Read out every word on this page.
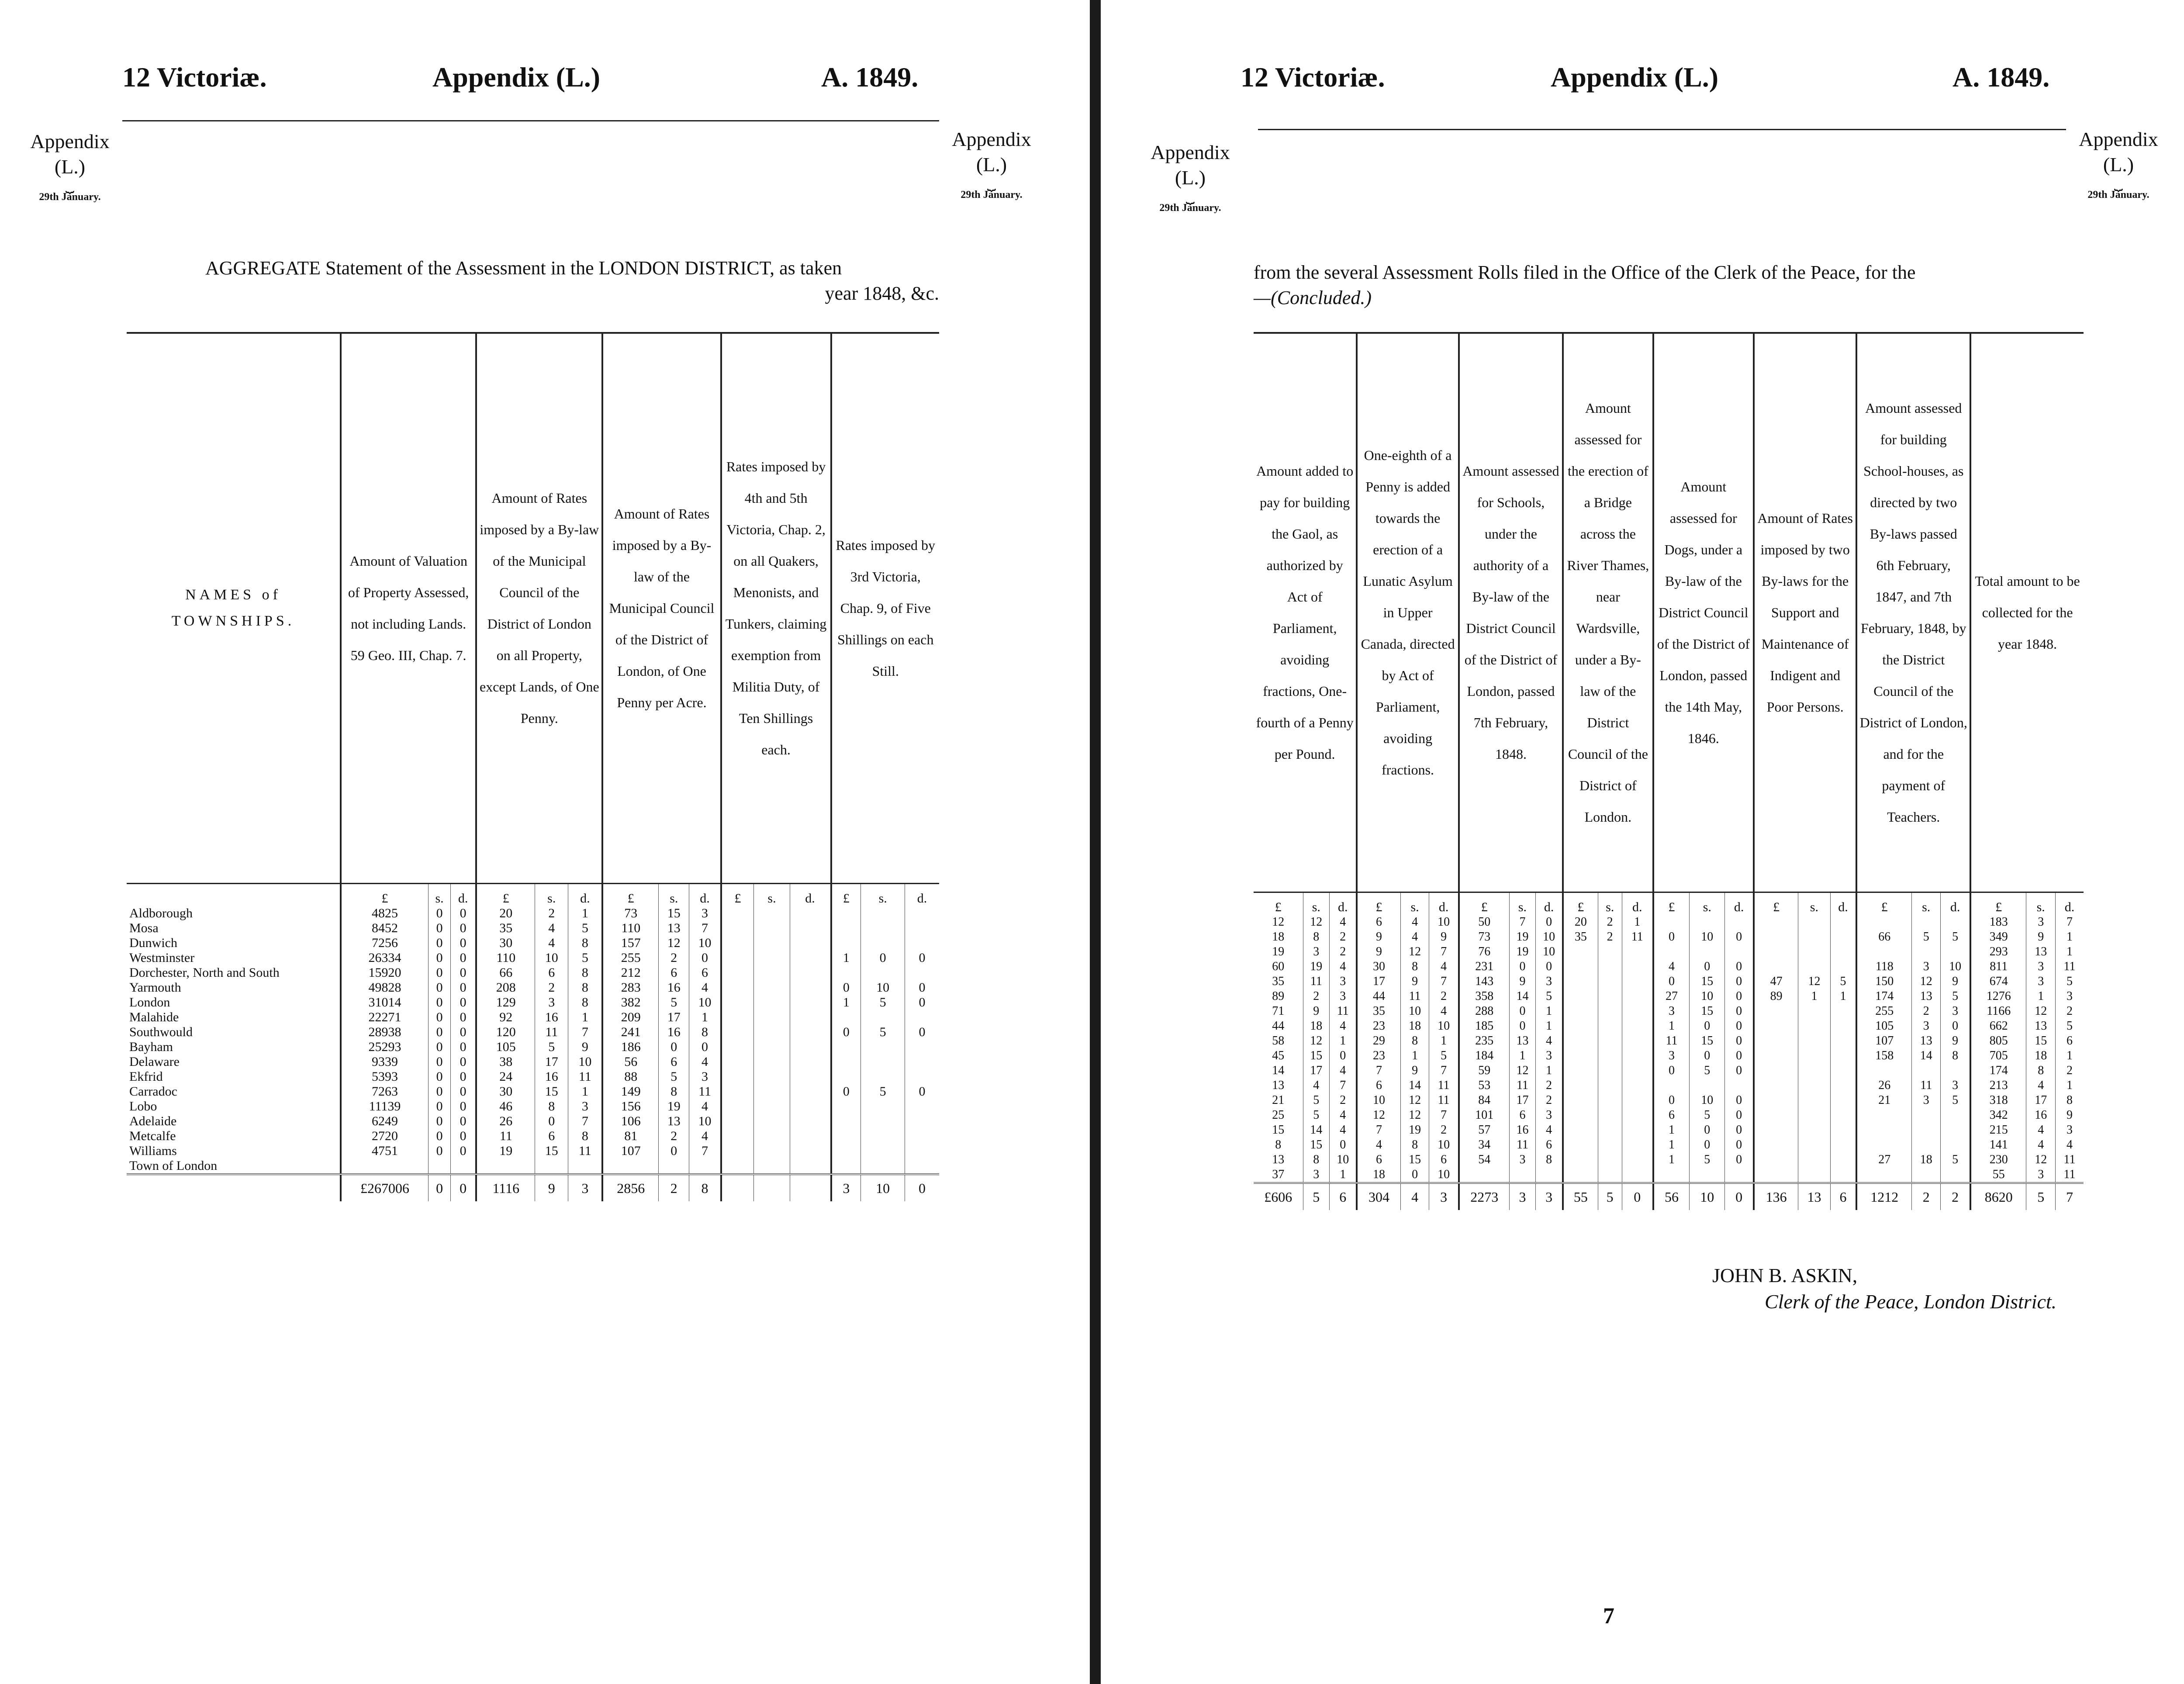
12 Victoriæ.	Appendix (L.)	A. 1849.
Appendix
(L.)
⏟
29th January.
Appendix
(L.)
⏟
29th January.
AGGREGATE Statement of the Assessment in the LONDON DISTRICT, as taken
year 1848, &c.
NAMES of TOWNSHIPS.	Amount of Valuation of Property Assessed, not including Lands. 59 Geo. III, Chap. 7.			Amount of Rates imposed by a By-law of the Municipal Council of the District of London on all Property, except Lands, of One Penny.			Amount of Rates imposed by a By-law of the Municipal Council of the District of London, of One Penny per Acre.			Rates imposed by 4th and 5th Victoria, Chap. 2, on all Quakers, Menonists, and Tunkers, claiming exemption from Militia Duty, of Ten Shillings each.			Rates imposed by 3rd Victoria, Chap. 9, of Five Shillings on each Still.		
	£	s.	d.	£	s.	d.	£	s.	d.	£	s.	d.	£	s.	d.
Aldborough	4825	0	0	20	2	1	73	15	3						
Mosa	8452	0	0	35	4	5	110	13	7						
Dunwich	7256	0	0	30	4	8	157	12	10						
Westminster	26334	0	0	110	10	5	255	2	0				1	0	0
Dorchester, North and South	15920	0	0	66	6	8	212	6	6						
Yarmouth	49828	0	0	208	2	8	283	16	4				0	10	0
London	31014	0	0	129	3	8	382	5	10				1	5	0
Malahide	22271	0	0	92	16	1	209	17	1						
Southwould	28938	0	0	120	11	7	241	16	8				0	5	0
Bayham	25293	0	0	105	5	9	186	0	0						
Delaware	9339	0	0	38	17	10	56	6	4						
Ekfrid	5393	0	0	24	16	11	88	5	3						
Carradoc	7263	0	0	30	15	1	149	8	11				0	5	0
Lobo	11139	0	0	46	8	3	156	19	4						
Adelaide	6249	0	0	26	0	7	106	13	10						
Metcalfe	2720	0	0	11	6	8	81	2	4						
Williams	4751	0	0	19	15	11	107	0	7						
Town of London															
	£267006	0	0	1116	9	3	2856	2	8				3	10	0
12 Victoriæ.	Appendix (L.)	A. 1849.
Appendix
(L.)
⏟
29th January.
Appendix
(L.)
⏟
29th January.
from the several Assessment Rolls filed in the Office of the Clerk of the Peace, for the
—(Concluded.)
Amount added to pay for building the Gaol, as authorized by Act of Parliament, avoiding fractions, One-fourth of a Penny per Pound.			One-eighth of a Penny is added towards the erection of a Lunatic Asylum in Upper Canada, directed by Act of Parliament, avoiding fractions.			Amount assessed for Schools, under the authority of a By-law of the District Council of the District of London, passed 7th February, 1848.			Amount assessed for the erection of a Bridge across the River Thames, near Wardsville, under a By-law of the District Council of the District of London.			Amount assessed for Dogs, under a By-law of the District Council of the District of London, passed the 14th May, 1846.			Amount of Rates imposed by two By-laws for the Support and Maintenance of Indigent and Poor Persons.			Amount assessed for building School-houses, as directed by two By-laws passed 6th February, 1847, and 7th February, 1848, by the District Council of the District of London, and for the payment of Teachers.			Total amount to be collected for the year 1848.		
£	s.	d.	£	s.	d.	£	s.	d.	£	s.	d.	£	s.	d.	£	s.	d.	£	s.	d.	£	s.	d.
12	12	4	6	4	10	50	7	0	20	2	1										183	3	7
18	8	2	9	4	9	73	19	10	35	2	11	0	10	0				66	5	5	349	9	1
19	3	2	9	12	7	76	19	10													293	13	1
60	19	4	30	8	4	231	0	0				4	0	0				118	3	10	811	3	11
35	11	3	17	9	7	143	9	3				0	15	0	47	12	5	150	12	9	674	3	5
89	2	3	44	11	2	358	14	5				27	10	0	89	1	1	174	13	5	1276	1	3
71	9	11	35	10	4	288	0	1				3	15	0				255	2	3	1166	12	2
44	18	4	23	18	10	185	0	1				1	0	0				105	3	0	662	13	5
58	12	1	29	8	1	235	13	4				11	15	0				107	13	9	805	15	6
45	15	0	23	1	5	184	1	3				3	0	0				158	14	8	705	18	1
14	17	4	7	9	7	59	12	1				0	5	0							174	8	2
13	4	7	6	14	11	53	11	2										26	11	3	213	4	1
21	5	2	10	12	11	84	17	2				0	10	0				21	3	5	318	17	8
25	5	4	12	12	7	101	6	3				6	5	0							342	16	9
15	14	4	7	19	2	57	16	4				1	0	0							215	4	3
8	15	0	4	8	10	34	11	6				1	0	0							141	4	4
13	8	10	6	15	6	54	3	8				1	5	0				27	18	5	230	12	11
37	3	1	18	0	10																55	3	11
£606	5	6	304	4	3	2273	3	3	55	5	0	56	10	0	136	13	6	1212	2	2	8620	5	7
JOHN B. ASKIN,
Clerk of the Peace, London District.
7
